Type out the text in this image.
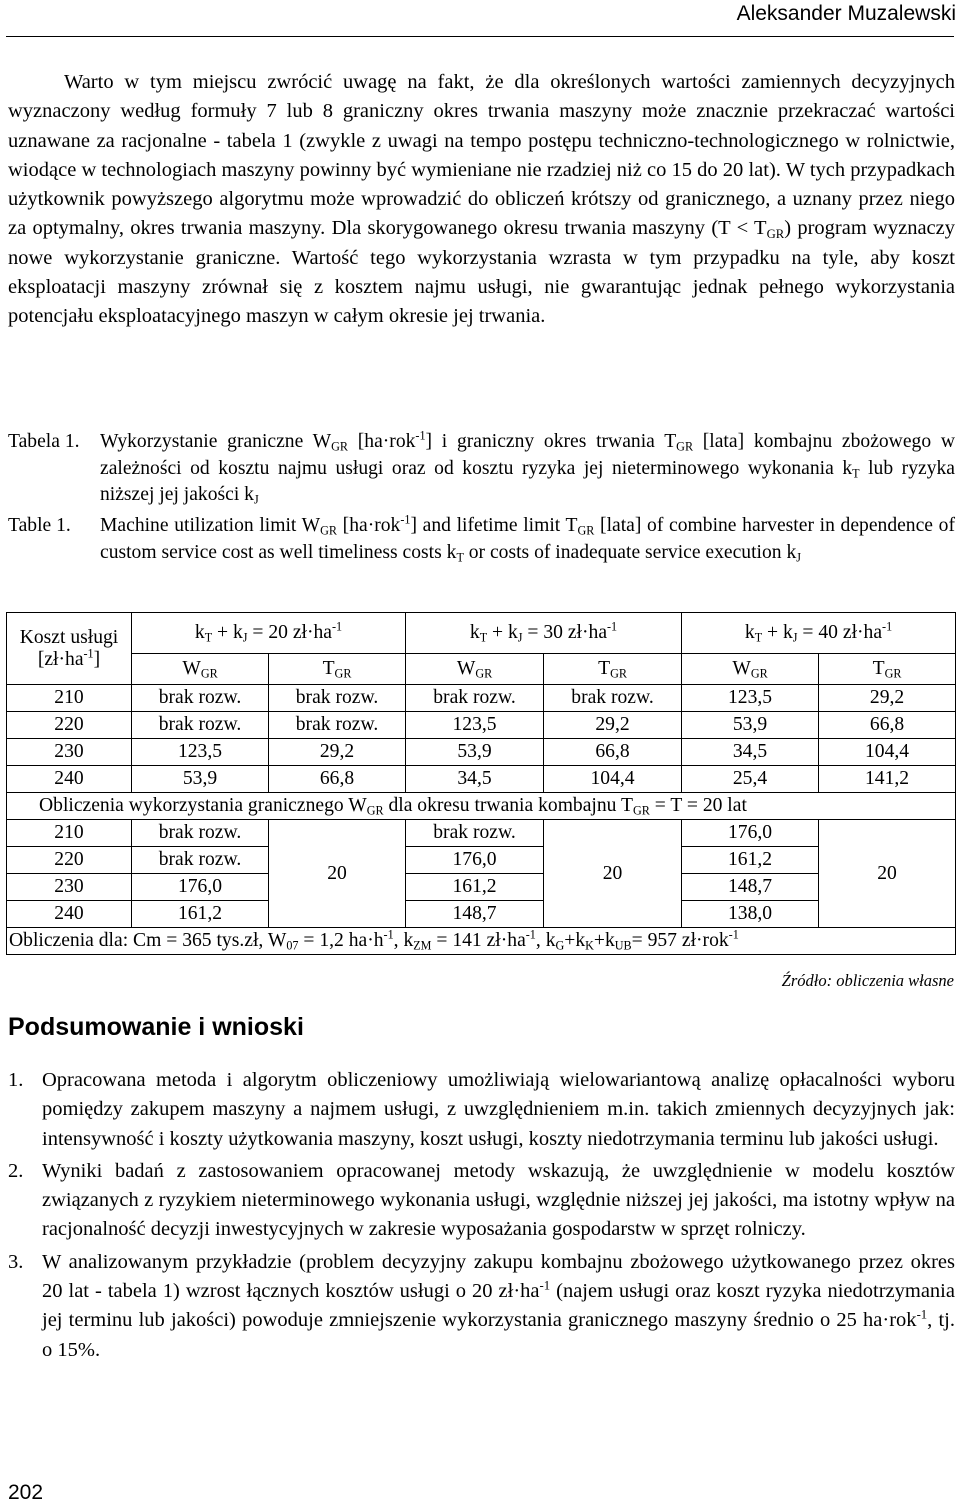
Aleksander Muzalewski
Warto w tym miejscu zwrócić uwagę na fakt, że dla określonych wartości zamiennych decyzyjnych wyznaczony według formuły 7 lub 8 graniczny okres trwania maszyny może znacznie przekraczać wartości uznawane za racjonalne - tabela 1 (zwykle z uwagi na tempo postępu techniczno-technologicznego w rolnictwie, wiodące w technologiach maszyny powinny być wymieniane nie rzadziej niż co 15 do 20 lat). W tych przypadkach użytkownik powyższego algorytmu może wprowadzić do obliczeń krótszy od granicznego, a uznany przez niego za optymalny, okres trwania maszyny. Dla skorygowanego okresu trwania maszyny $(T < T_{GR})$ program wyznaczy nowe wykorzystanie graniczne. Wartość tego wykorzystania wzrasta w tym przypadku na tyle, aby koszt eksploatacji maszyny zrównał się z kosztem najmu usługi, nie gwarantując jednak pełnego wykorzystania potencjału eksploatacyjnego maszyn w całym okresie jej trwania.
Tabela 1.	Wykorzystanie graniczne $W_{GR}$ [ha·rok$^{-1}$] i graniczny okres trwania $T_{GR}$ [lata] kombajnu zbożowego w zależności od kosztu najmu usługi oraz od kosztu ryzyka jej nieterminowego wykonania $k_T$ lub ryzyka niższej jej jakości $k_J$
Table 1.	Machine utilization limit $W_{GR}$ [ha·rok$^{-1}$] and lifetime limit $T_{GR}$ [lata] of combine harvester in dependence of custom service cost as well timeliness costs $k_T$ or costs of inadequate service execution $k_J$
Koszt usługi
$[zł\cdot ha^{-1}]$	$k_T + k_J = 20$ $zł\cdot ha^{-1}$		$k_T + k_J = 30$ $zł\cdot ha^{-1}$		$k_T + k_J = 40$ $zł\cdot ha^{-1}$
	$W_{GR}$	$T_{GR}$	$W_{GR}$	$T_{GR}$	$W_{GR}$	$T_{GR}$
210	brak rozw.	brak rozw.	brak rozw.	brak rozw.	123,5	29,2
220	brak rozw.	brak rozw.	123,5	29,2	53,9	66,8
230	123,5	29,2	53,9	66,8	34,5	104,4
240	53,9	66,8	34,5	104,4	25,4	141,2
Obliczenia wykorzystania granicznego $W_{GR}$ dla okresu trwania kombajnu $T_{GR} = T = 20$ lat						
210	brak rozw.	20	brak rozw.	20	176,0	20
220	brak rozw.		176,0		161,2	
230	176,0		161,2		148,7	
240	161,2		148,7		138,0	
Obliczenia dla: Cm = 365 tys.zł, $W_{07} = 1,2$ $ha\cdot h^{-1}$, $k_{ZM} = 141$ $zł\cdot ha^{-1}$, $k_G+k_K+k_{UB}= 957$ zł·rok$^{-1}$
Źródło: obliczenia własne
Podsumowanie i wnioski
1. Opracowana metoda i algorytm obliczeniowy umożliwiają wielowariantową analizę opłacalności wyboru pomiędzy zakupem maszyny a najmem usługi, z uwzględnieniem m.in. takich zmiennych decyzyjnych jak: intensywność i koszty użytkowania maszyny, koszt usługi, koszty niedotrzymania terminu lub jakości usługi.
2. Wyniki badań z zastosowaniem opracowanej metody wskazują, że uwzględnienie w modelu kosztów związanych z ryzykiem nieterminowego wykonania usługi, względnie niższej jej jakości, ma istotny wpływ na racjonalność decyzji inwestycyjnych w zakresie wyposażania gospodarstw w sprzęt rolniczy.
3. W analizowanym przykładzie (problem decyzyjny zakupu kombajnu zbożowego użytkowanego przez okres 20 lat - tabela 1) wzrost łącznych kosztów usługi o 20 $zł\cdot ha^{-1}$ (najem usługi oraz koszt ryzyka niedotrzymania jej terminu lub jakości) powoduje zmniejszenie wykorzystania granicznego maszyny średnio o 25 ha·rok$^{-1}$, tj. o 15%.
202
